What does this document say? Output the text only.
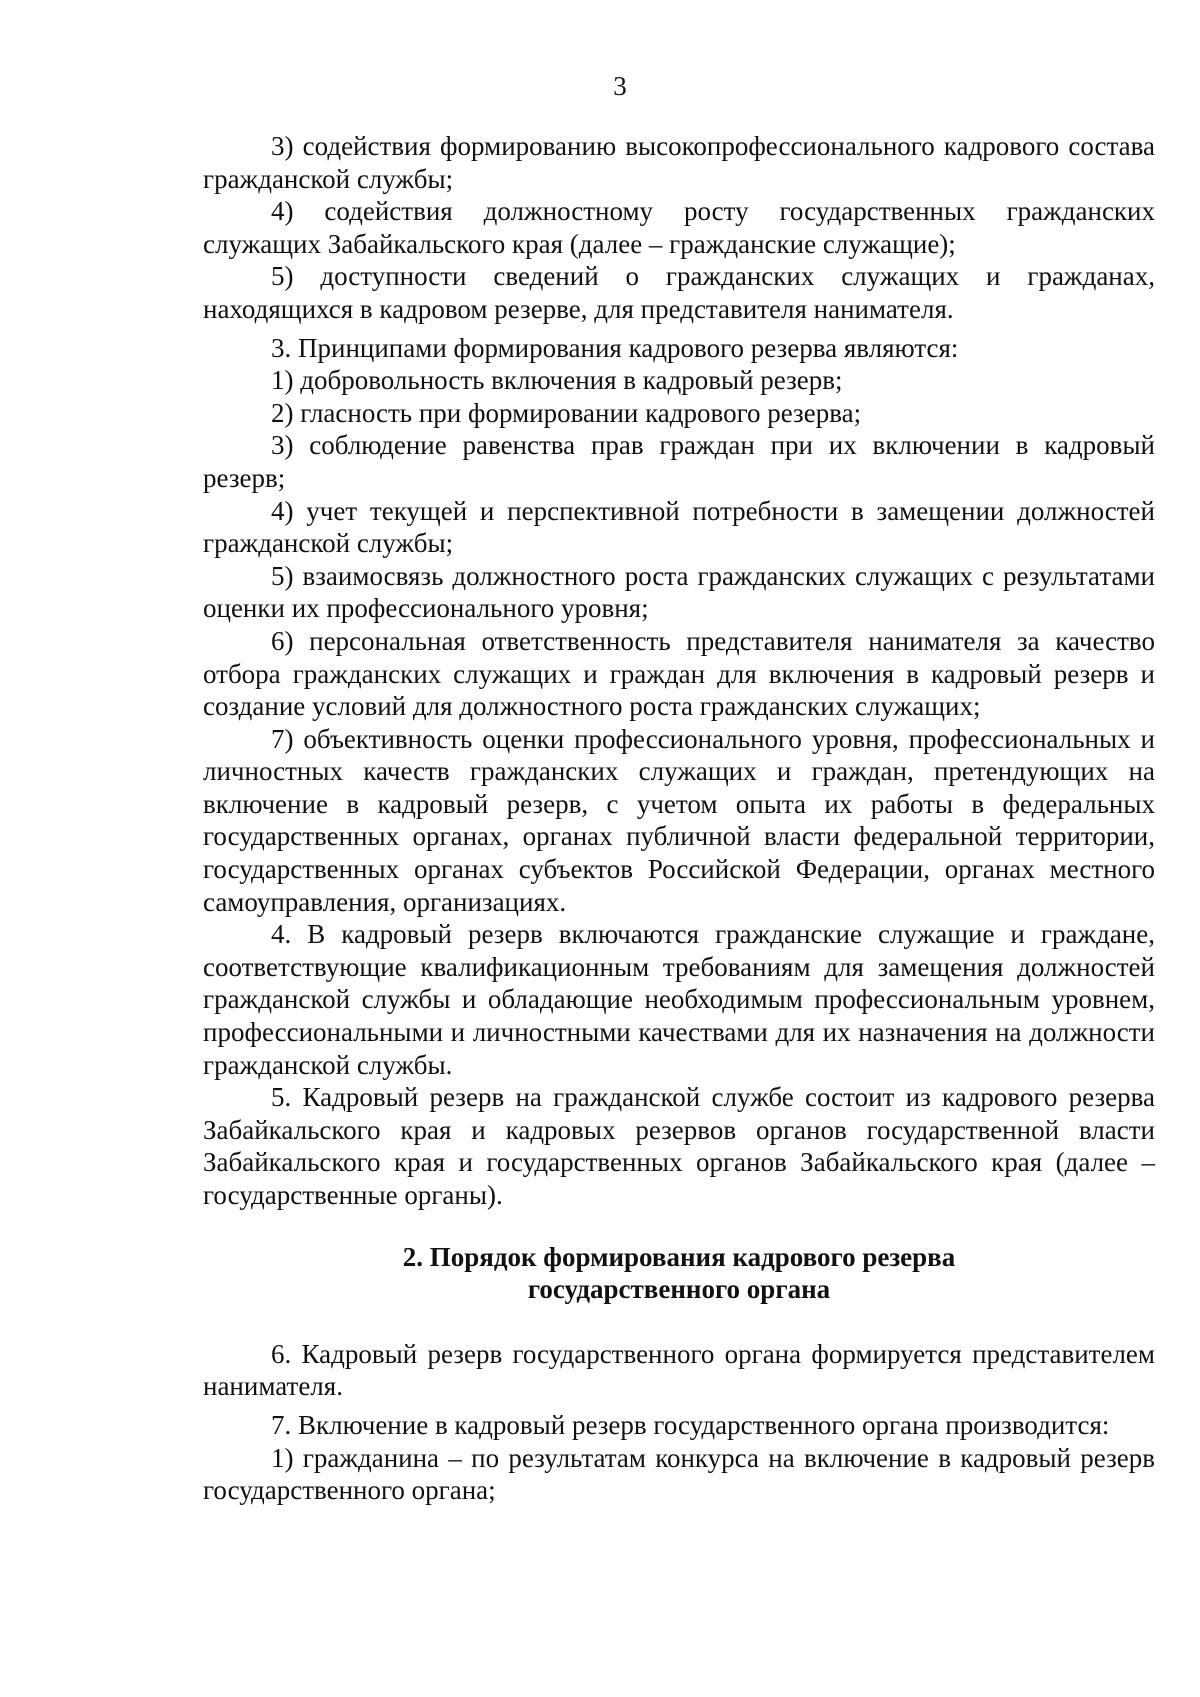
3

3) содействия формированию высокопрофессионального кадрового состава гражданской службы;

4) содействия должностному росту государственных гражданских служащих Забайкальского края (далее – гражданские служащие);

5) доступности сведений о гражданских служащих и гражданах, находящихся в кадровом резерве, для представителя нанимателя.

3. Принципами формирования кадрового резерва являются:

1) добровольность включения в кадровый резерв;

2) гласность при формировании кадрового резерва;

3) соблюдение равенства прав граждан при их включении в кадровый резерв;

4) учет текущей и перспективной потребности в замещении должностей гражданской службы;

5) взаимосвязь должностного роста гражданских служащих с результатами оценки их профессионального уровня;

6) персональная ответственность представителя нанимателя за качество отбора гражданских служащих и граждан для включения в кадровый резерв и создание условий для должностного роста гражданских служащих;

7) объективность оценки профессионального уровня, профессиональных и личностных качеств гражданских служащих и граждан, претендующих на включение в кадровый резерв, с учетом опыта их работы в федеральных государственных органах, органах публичной власти федеральной территории, государственных органах субъектов Российской Федерации, органах местного самоуправления, организациях.

4. В кадровый резерв включаются гражданские служащие и граждане, соответствующие квалификационным требованиям для замещения должностей гражданской службы и обладающие необходимым профессиональным уровнем, профессиональными и личностными качествами для их назначения на должности гражданской службы.

5. Кадровый резерв на гражданской службе состоит из кадрового резерва Забайкальского края и кадровых резервов органов государственной власти Забайкальского края и государственных органов Забайкальского края (далее – государственные органы).

2. Порядок формирования кадрового резерва
государственного органа

6. Кадровый резерв государственного органа формируется представителем нанимателя.

7. Включение в кадровый резерв государственного органа производится:

1) гражданина – по результатам конкурса на включение в кадровый резерв государственного органа;
